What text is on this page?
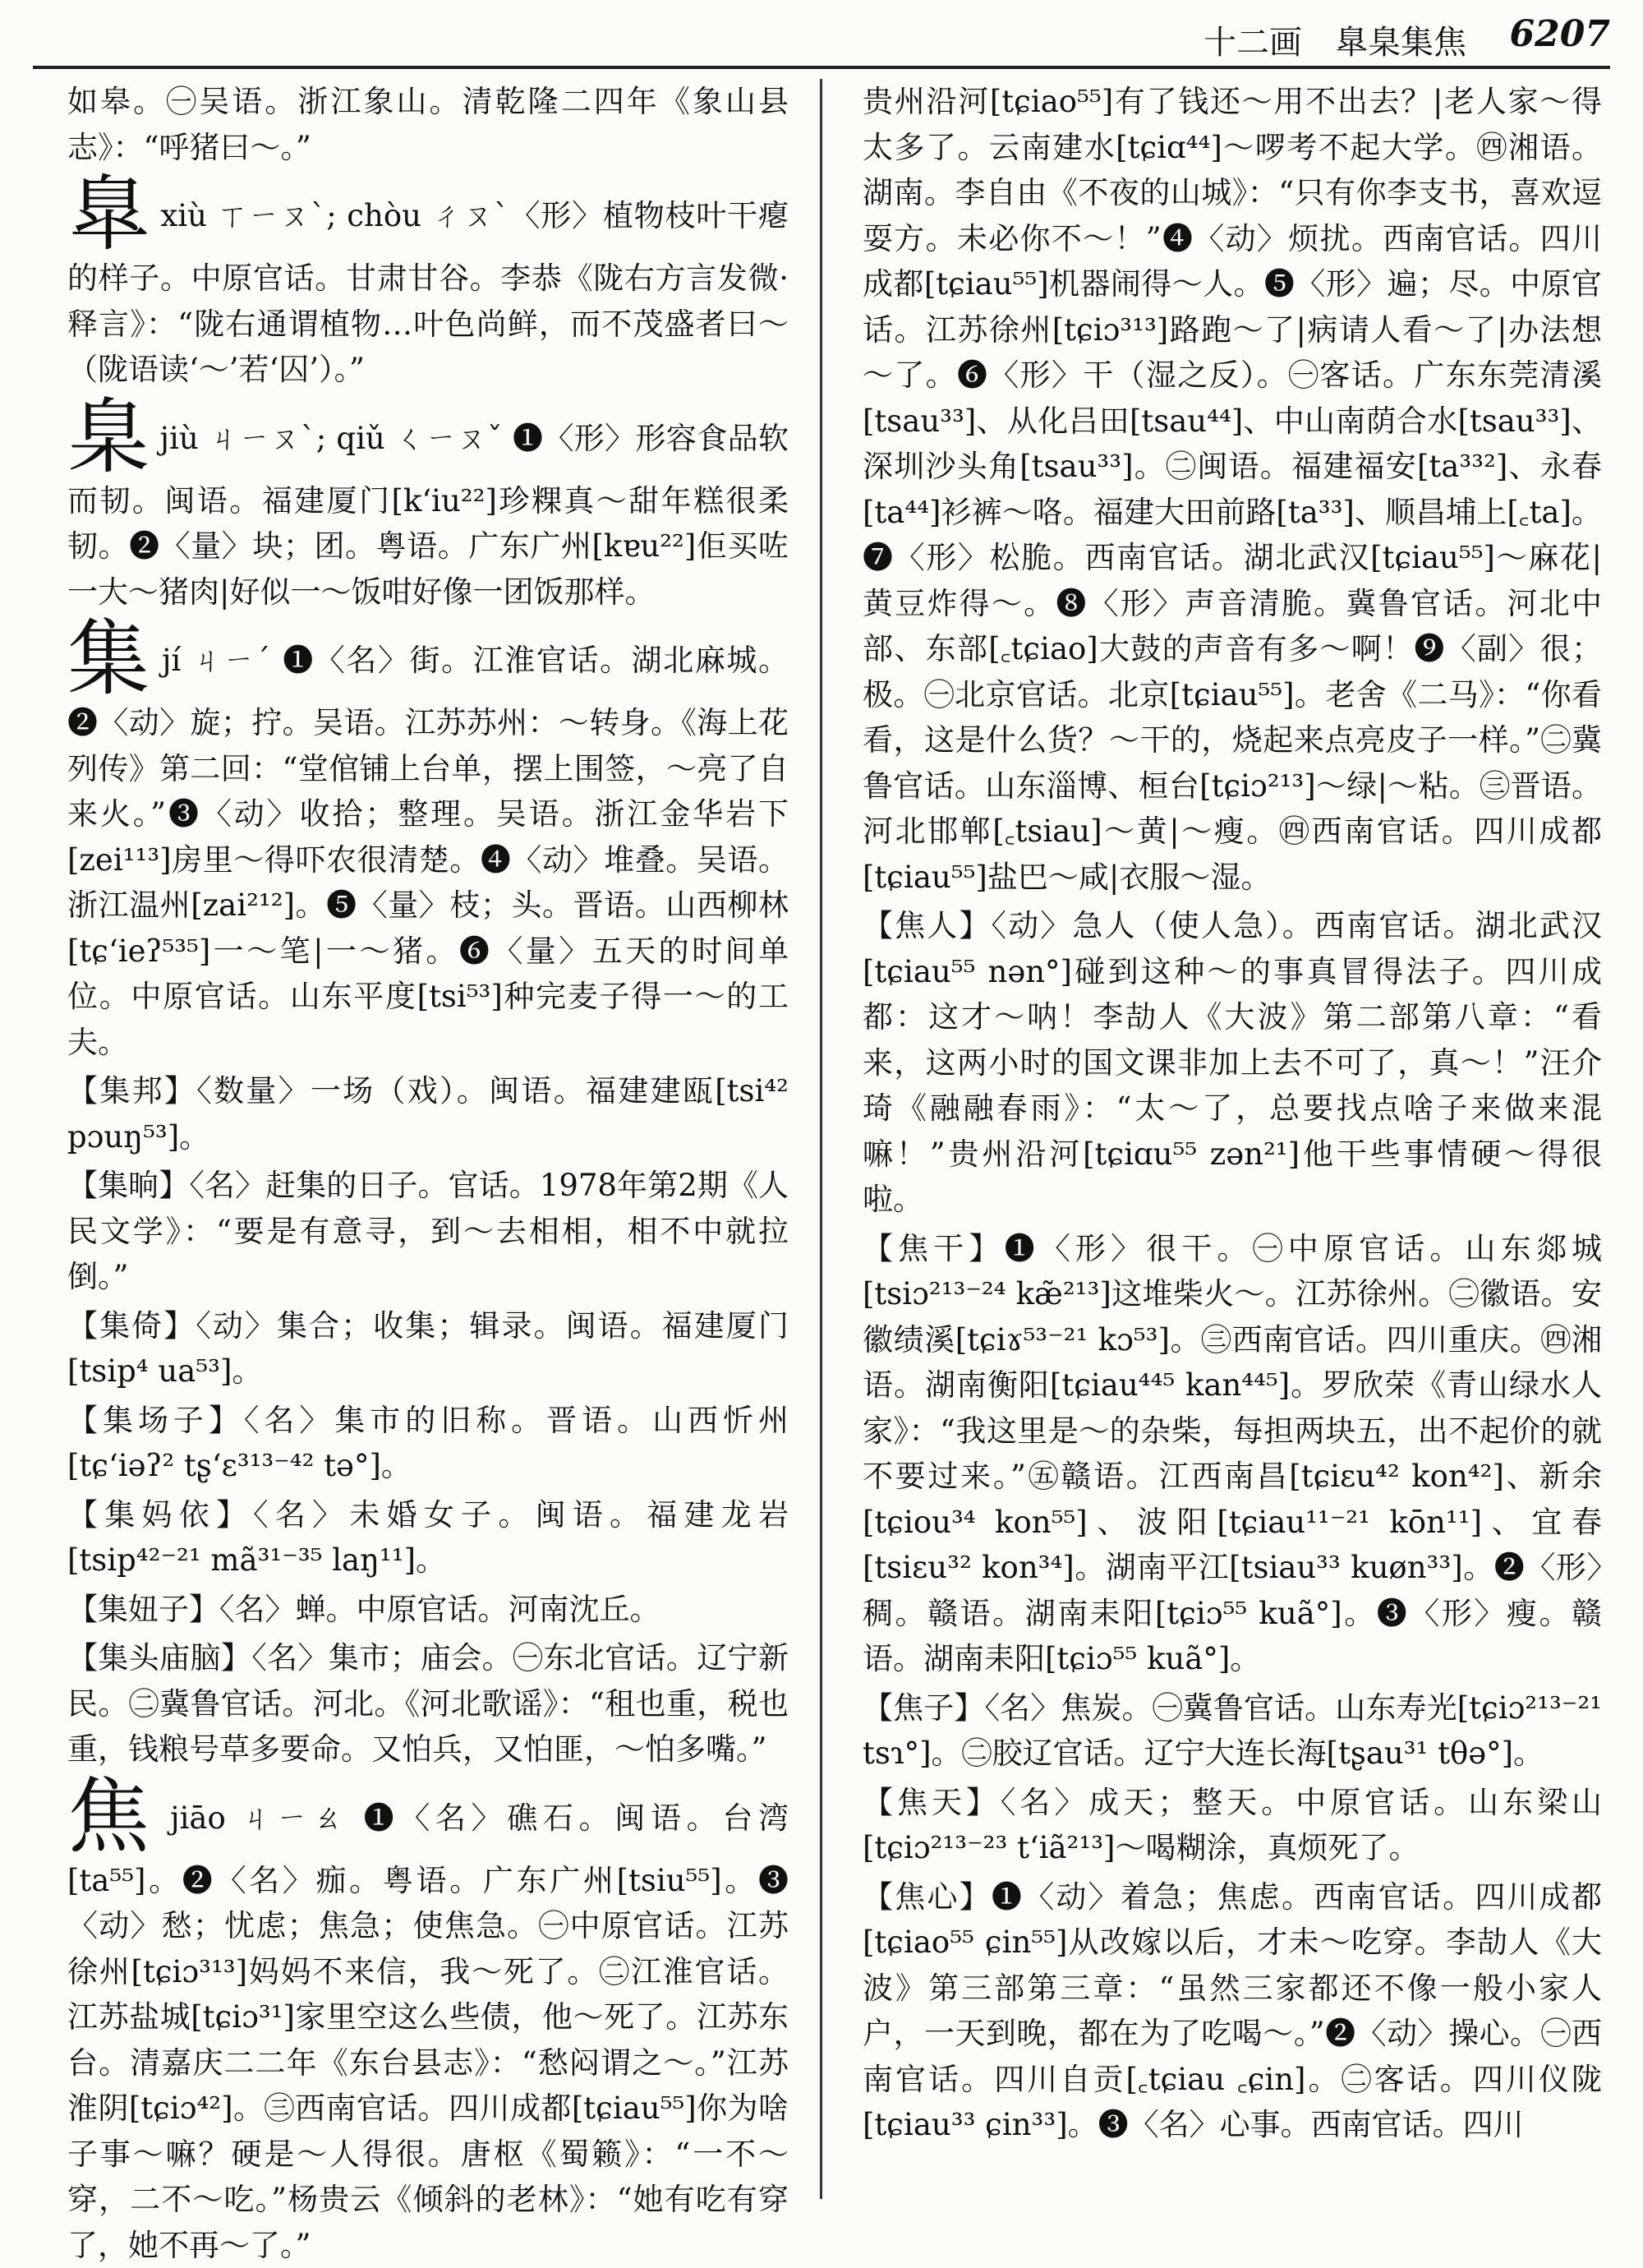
十二画 臯臬集焦 6207

如皋。㊀吴语。浙江象山。清乾隆二四年《象山县志》：“呼猪曰～。”

臯 xiù ㄒㄧㄡˋ; chòu ㄔㄡˋ〈形〉植物枝叶干瘪的样子。中原官话。甘肃甘谷。李恭《陇右方言发微·释言》：“陇右通谓植物…叶色尚鲜，而不茂盛者曰～（陇语读‘～’若‘囚’）。”

臬 jiù ㄐㄧㄡˋ; qiǔ ㄑㄧㄡˇ ❶〈形〉形容食品软而韧。闽语。福建厦门[k‘iu²²]珍粿真～甜年糕很柔韧。❷〈量〉块；团。粤语。广东广州[kɐu²²]佢买咗一大～猪肉|好似一～饭咁好像一团饭那样。

集 jí ㄐㄧˊ ❶〈名〉街。江淮官话。湖北麻城。❷〈动〉旋；拧。吴语。江苏苏州：～转身。《海上花列传》第二回：“堂倌铺上台单，摆上围签，～亮了自来火。”❸〈动〉收拾；整理。吴语。浙江金华岩下[zei¹¹³]房里～得吓农很清楚。❹〈动〉堆叠。吴语。浙江温州[zai²¹²]。❺〈量〉枝；头。晋语。山西柳林[tɕ‘ieʔ⁵³⁵]一～笔|一～猪。❻〈量〉五天的时间单位。中原官话。山东平度[tsi⁵³]种完麦子得一～的工夫。

【集邦】〈数量〉一场（戏）。闽语。福建建瓯[tsi⁴² pɔuŋ⁵³]。

【集晌】〈名〉赶集的日子。官话。1978年第2期《人民文学》：“要是有意寻，到～去相相，相不中就拉倒。”

【集倚】〈动〉集合；收集；辑录。闽语。福建厦门[tsip⁴ ua⁵³]。

【集场子】〈名〉集市的旧称。晋语。山西忻州[tɕ‘iəʔ² tʂ‘ɛ³¹³⁻⁴² tə°]。

【集妈依】〈名〉未婚女子。闽语。福建龙岩[tsip⁴²⁻²¹ mã³¹⁻³⁵ laŋ¹¹]。

【集妞子】〈名〉蝉。中原官话。河南沈丘。

【集头庙脑】〈名〉集市；庙会。㊀东北官话。辽宁新民。㊁冀鲁官话。河北。《河北歌谣》：“租也重，税也重，钱粮号草多要命。又怕兵，又怕匪，～怕多嘴。”

焦 jiāo ㄐㄧㄠ ❶〈名〉礁石。闽语。台湾[ta⁵⁵]。❷〈名〉痂。粤语。广东广州[tsiu⁵⁵]。❸〈动〉愁；忧虑；焦急；使焦急。㊀中原官话。江苏徐州[tɕiɔ³¹³]妈妈不来信，我～死了。㊁江淮官话。江苏盐城[tɕiɔ³¹]家里空这么些债，他～死了。江苏东台。清嘉庆二二年《东台县志》：“愁闷谓之～。”江苏淮阴[tɕiɔ⁴²]。㊂西南官话。四川成都[tɕiau⁵⁵]你为啥子事～嘛？硬是～人得很。唐枢《蜀籁》：“一不～穿，二不～吃。”杨贵云《倾斜的老林》：“她有吃有穿了，她不再～了。”

贵州沿河[tɕiao⁵⁵]有了钱还～用不出去？|老人家～得太多了。云南建水[tɕiɑ⁴⁴]～啰考不起大学。㊃湘语。湖南。李自由《不夜的山城》：“只有你李支书，喜欢逗耍方。未必你不～！”❹〈动〉烦扰。西南官话。四川成都[tɕiau⁵⁵]机器闹得～人。❺〈形〉遍；尽。中原官话。江苏徐州[tɕiɔ³¹³]路跑～了|病请人看～了|办法想～了。❻〈形〉干（湿之反）。㊀客话。广东东莞清溪[tsau³³]、从化吕田[tsau⁴⁴]、中山南荫合水[tsau³³]、深圳沙头角[tsau³³]。㊁闽语。福建福安[ta³³²]、永春[ta⁴⁴]衫裤～咯。福建大田前路[ta³³]、顺昌埔上[꜀ta]。❼〈形〉松脆。西南官话。湖北武汉[tɕiau⁵⁵]～麻花|黄豆炸得～。❽〈形〉声音清脆。冀鲁官话。河北中部、东部[꜀tɕiao]大鼓的声音有多～啊！❾〈副〉很；极。㊀北京官话。北京[tɕiau⁵⁵]。老舍《二马》：“你看看，这是什么货？～干的，烧起来点亮皮子一样。”㊁冀鲁官话。山东淄博、桓台[tɕiɔ²¹³]～绿|～粘。㊂晋语。河北邯郸[꜀tsiau]～黄|～瘦。㊃西南官话。四川成都[tɕiau⁵⁵]盐巴～咸|衣服～湿。

【焦人】〈动〉急人（使人急）。西南官话。湖北武汉[tɕiau⁵⁵ nən°]碰到这种～的事真冒得法子。四川成都：这才～呐！李劼人《大波》第二部第八章：“看来，这两小时的国文课非加上去不可了，真～！”汪介琦《融融春雨》：“太～了，总要找点啥子来做来混嘛！”贵州沿河[tɕiɑu⁵⁵ zən²¹]他干些事情硬～得很啦。

【焦干】❶〈形〉很干。㊀中原官话。山东郯城[tsiɔ²¹³⁻²⁴ kæ̃²¹³]这堆柴火～。江苏徐州。㊁徽语。安徽绩溪[tɕiɤ⁵³⁻²¹ kɔ⁵³]。㊂西南官话。四川重庆。㊃湘语。湖南衡阳[tɕiau⁴⁴⁵ kan⁴⁴⁵]。罗欣荣《青山绿水人家》：“我这里是～的杂柴，每担两块五，出不起价的就不要过来。”㊄赣语。江西南昌[tɕiɛu⁴² kon⁴²]、新余[tɕiou³⁴ kon⁵⁵]、波阳[tɕiau¹¹⁻²¹ kōn¹¹]、宜春[tsiɛu³² kon³⁴]。湖南平江[tsiau³³ kuøn³³]。❷〈形〉稠。赣语。湖南耒阳[tɕiɔ⁵⁵ kuã°]。❸〈形〉瘦。赣语。湖南耒阳[tɕiɔ⁵⁵ kuã°]。

【焦子】〈名〉焦炭。㊀冀鲁官话。山东寿光[tɕiɔ²¹³⁻²¹ tsɿ°]。㊁胶辽官话。辽宁大连长海[tʂau³¹ tθə°]。

【焦天】〈名〉成天；整天。中原官话。山东梁山[tɕiɔ²¹³⁻²³ t‘iã²¹³]～喝糊涂，真烦死了。

【焦心】❶〈动〉着急；焦虑。西南官话。四川成都[tɕiao⁵⁵ ɕin⁵⁵]从改嫁以后，才未～吃穿。李劼人《大波》第三部第三章：“虽然三家都还不像一般小家人户，一天到晚，都在为了吃喝～。”❷〈动〉操心。㊀西南官话。四川自贡[꜀tɕiau ꜀ɕin]。㊁客话。四川仪陇[tɕiau³³ ɕin³³]。❸〈名〉心事。西南官话。四川
